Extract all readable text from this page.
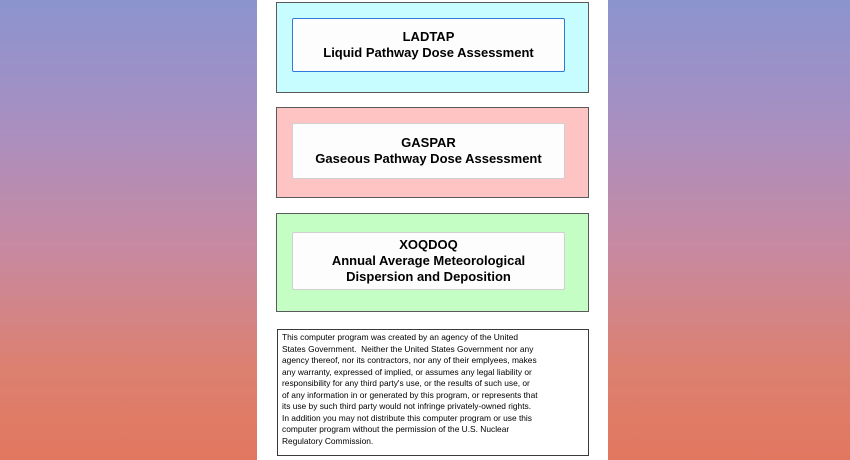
LADTAP
Liquid Pathway Dose Assessment
GASPAR
Gaseous Pathway Dose Assessment
XOQDOQ
Annual Average Meteorological
Dispersion and Deposition
This computer program was created by an agency of the United
States Government.  Neither the United States Government nor any
agency thereof, nor its contractors, nor any of their emplyees, makes
any warranty, expressed of implied, or assumes any legal liability or
responsibility for any third party's use, or the results of such use, or
of any information in or generated by this program, or represents that
its use by such third party would not infringe privately-owned rights.
In addition you may not distribute this computer program or use this
computer program without the permission of the U.S. Nuclear
Regulatory Commission.
